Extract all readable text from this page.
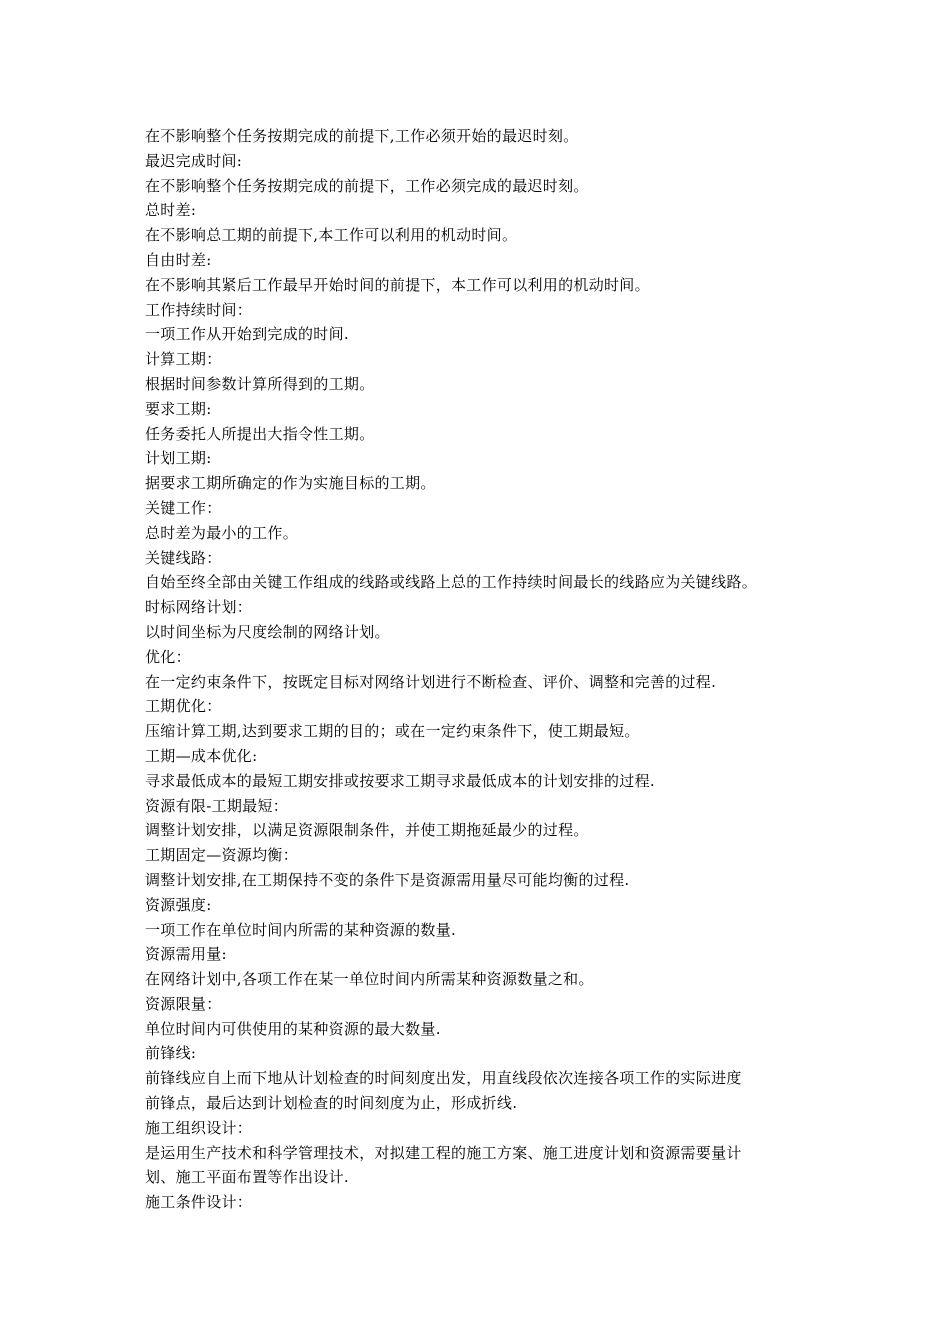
在不影响整个任务按期完成的前提下,工作必须开始的最迟时刻。
最迟完成时间:
在不影响整个任务按期完成的前提下，工作必须完成的最迟时刻。
总时差:
在不影响总工期的前提下,本工作可以利用的机动时间。
自由时差:
在不影响其紧后工作最早开始时间的前提下，本工作可以利用的机动时间。
工作持续时间：
一项工作从开始到完成的时间.
计算工期：
根据时间参数计算所得到的工期。
要求工期:
任务委托人所提出大指令性工期。
计划工期:
据要求工期所确定的作为实施目标的工期。
关键工作：
总时差为最小的工作。
关键线路：
自始至终全部由关键工作组成的线路或线路上总的工作持续时间最长的线路应为关键线路。
时标网络计划：
以时间坐标为尺度绘制的网络计划。
优化：
在一定约束条件下，按既定目标对网络计划进行不断检查、评价、调整和完善的过程.
工期优化：
压缩计算工期,达到要求工期的目的；或在一定约束条件下，使工期最短。
工期—成本优化:
寻求最低成本的最短工期安排或按要求工期寻求最低成本的计划安排的过程.
资源有限-工期最短：
调整计划安排，以满足资源限制条件，并使工期拖延最少的过程。
工期固定—资源均衡：
调整计划安排,在工期保持不变的条件下是资源需用量尽可能均衡的过程.
资源强度:
一项工作在单位时间内所需的某种资源的数量.
资源需用量:
在网络计划中,各项工作在某一单位时间内所需某种资源数量之和。
资源限量：
单位时间内可供使用的某种资源的最大数量.
前锋线:
前锋线应自上而下地从计划检查的时间刻度出发，用直线段依次连接各项工作的实际进度
前锋点，最后达到计划检查的时间刻度为止，形成折线.
施工组织设计：
是运用生产技术和科学管理技术，对拟建工程的施工方案、施工进度计划和资源需要量计
划、施工平面布置等作出设计.
施工条件设计：
